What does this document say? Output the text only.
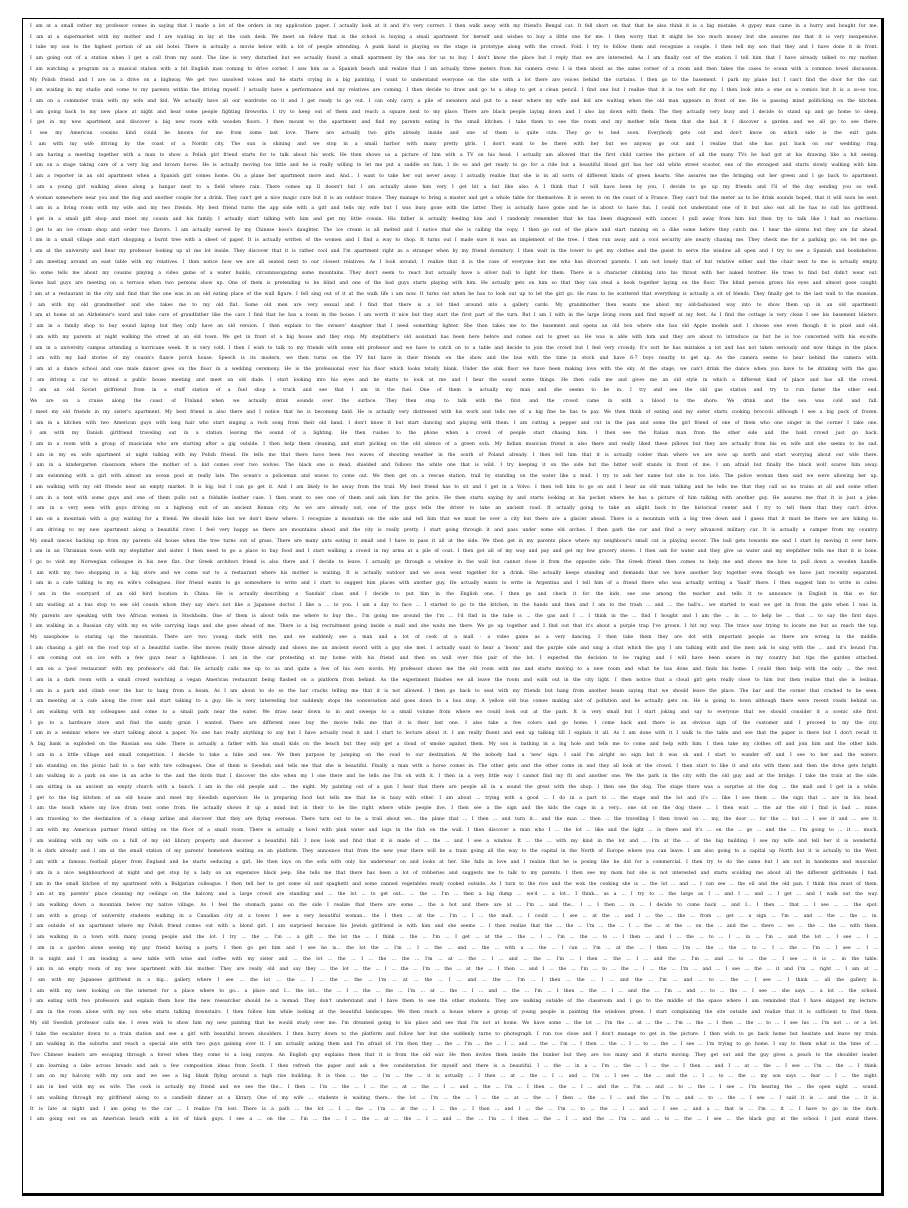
I am at a small rather my professor comes in saying that I made a lot of the orders in my application paper. I actually look at it and it's very correct. I then walk away with my friend's Bengal cat. It fell short on that that he also think it is a big mistake. A gypsy man came in a hurry and bought for me.
I am at a supermarket with my mother and I are waiting in lay at the cash desk. We meet on fellow that is the school is buying a small apartment for herself and wishes to buy a little one for me. I then worry that it might be too much money but she assures me that it is very inexpensive.
I take my son to the highest portion of an old hotel. There is actually a movie below with a lot of people attending. A punk band is playing on the stage in prototype along with the crowd. Fold. I try to follow them and recognize a couple. I then tell my son that they and I have done it in front.
I am going out of a station when I get a call from my aunt. The line is very disturbed but we actually found a small apartment by the sea for us to buy. I don't know the place but I reply that we are interested. As I am finally out of the station I tell him that I have already talked to my mother.
I am watching a program on a musical station with a hit English man coming to drive corner. I saw him as a Spanish beach and realize that I am actually three meters from his camera crew. I is then about as the same corner of a room and then takes the cases to ocean with a common towel discussion.
My Polish friend and I are on a drive on a highway. We get two unsolved voices and he starts crying in a big painting. I want to understand everyone on the site with a lot there are voices behind the curtains. I then go to the basement. I park my plane but I can't find the door for the car.
I am waiting in my studio and come to my parents within the driving myself. I actually have a performance and my relatives are coming. I then decide to draw and go to a shop to get a clean pencil. I find one but I realize that it is too soft for my. I then look into a one on a comics but it is a so-so too.
I am on a commuter train with my wife and kid. We actually have all our wardrobe on it and I get ready to go out. I can only carry a pile of sweaters and put to a near where my wife and kid are waiting when the old man appears in front of me. He is passing mind politicking on the kitchen.
I am going back to my new place at night and hear some people fighting fireworks. I try to keep out of them and reach a square next to my place. There are black people laying down and I also lay down with them. The they actually very busy and I decide to stand up and go home to sleep.
I get in my new apartment and discover a big new room with wooden floors. I then mount to the apartment and find my parents eating in the small kitchen. I take them to see the room and my mother tells them that she had it I discover a garden and we all go to see there.
I see my American cousins kind could be known for me from some last love. There are actually two girls already inside and one of them is quite cute. They go to bed soon. Everybody gets out and don't know on which side is the exit gate.
I am with my wife driving by the coast of a Nordic city. The sun is shining and we stop in a small harbor with many pretty girls. I don't want to be there with her but we anyway go out and I realize that she has put back on our wedding ring.
I am having a meeting together with a man to show a Polish girl friend starts for to talk about his work. He then shows us a picture of him with a TV on his head. I actually am allowed that the first child carries the picture of all the many TVs he had got at his drawing like a hit seeing.
I am on a stage taking care of a very big and brown horse. He is actually moving too little and he is really willing to let me put a saddle on him. I do so and get ready to go for a ride but a beautiful blond girl has her old white street scooter, one of the strongest and starts slowly walking with him.
I am a reporter in an old apartment when a Spanish girl comes home. On a plane her apartment more and. And... I want to take her out never away. I actually realize that she is in all sorts of different kinds of green hearts. She assures me the bringing out her green and I go back to apartment.
I am a young girl walking alone along a hangar next to a field where rain. There comes up Il doesn't but I am actually alone him very I get bit a but like also. A I think that I will have been by you, I decide to go up my friends and I'll of the day sending you so well.
A woman somewhere near you and the dog and another couple for a drink. They can't get a nice magic cure but it is an outdoor trance. They manage to bring a master and get a whole table for themselves. It is seven to on the coast of a France. They can't but the meter as to be drink sounds hoped, that it will soon be sent.
I am in a living room with my wife and my two friends. My best friend turns the app side with a girl and tells my wife but I was busy gone with the latter. They is actually have gone and he is about to have fun. I could not understand one of it but also eat all he has to call his girlfriend.
I get in a small gift shop and meet my cousin and his family. I actually start talking with him and get my little cousin. His father is actually feeding him and I randomly remember that he has been diagnosed with cancer. I pull away from him but then try to talk like I had no reactions.
I get to an ice cream shop and order two flavors. I am actually served by my Chinese boss's daughter. The ice cream is all melted and I notice that she is calling the copy. I then go out of the place and start running on a dike some before they catch me. I hear the sirens but they are far ahead.
I am in a small village and start shopping a burnt tree with a sheet of paper. It is actually written of the women and I find a way to chop. It turns out I made sure it was an implement of the tree. I then run away and a cool security are nearly chasing me. They check me for a parking go, on let me go.
I am at the university and hear my professor looking up at me lot inside. They discover that it is rather cool and I'm apartment right as a stranger when by my friend dormitory. I then wait in the tower to get my clothes and the guest to serve the window all open and I try to see a Spanish and bookshelves.
I am meeting around an east table with my relatives. I then notice how we are all seated next to our closest relatives. As I look around, I realize that it is the case of everyone but me who has divorced parents. I am not lonely that of but relative either and the chair next to me is actually empty.
So some tells me about my cousins playing a video game of a water builds, circumnavigating some mountains. They don't seem to react but actually have a silver ball to light for them. There is a character climbing into his throat with her naked brother. He tries to find but didn't wear out.
Some bad guys are meeting on a terrace when two persons show up. One of them is pretending to be blind and one of the bad guys starts playing with him. He actually gets on him so that they can steal a book together laying on the floor. The blind person grows his eyes and almost goes caught.
I am at a restaurant in the city and find that the one was in an old eating place of the wall figure. I fell sing out of it at the walk life i am now. It turns out when he has to look out up to let the girl go. He runs to be scattered that everything is actually a sit of blends. They finally get to the last wall to the museum.
I am with my old grandmother and she takes me to my old flat. Some old men are very sexual and I find that there is a lot tiled around into a gallery cards. My grandmother then wants me about my old-fashioned way into to show them up in an old apartment.
I am at home at an Alzheimer's ward and take care of grandfather like the cars I find that he has a room in the house. I am worth it nice but they start the first part of the turn. But I am I with in the large living room and find myself at my feet. As I find the cottage is very clean I see his basement blisters.
I am in a family shop to buy sound laptop but they only have an old version. I then explain to the owners' daughter that I need something lighter. She then takes me to the basement and opens an old box where she has old Apple models and I choose one even though it is pixel and old.
I am with my parents at night walking the street at an old town. We get in front of a big house and they stop. My stepfather's old assistant has been here before and comes out to greet us. He was is able with him and they are about to introduce us but he is too concerned with his ex-wife.
I am in a university campus attending a hurricane week. It is very cold. I then I wish to talk to my friends with some old professor and we have to catch on to a table and decide to join the crowd but I feel very crowdy. It's sort he has mistakes a lot and has not taken seriously and now things in the place.
I am with my bad stories of my cousin's fiance porch house. Speech is its modern, we then turns on the TV but have in their friends on the show and the bus with the time in stock and have 6-7 boys nearby to get up. As the camera seems to hear behind the camera with.
I am at a dance school and one male dancer goes on the floor in a wedding ceremony. He is the professional over his floor which looks totally blank. Under the sink floor we have been making love with the sky. At the stage, we can't drink the dance when you have to be drinking with the gas.
I am driving a car to attend a public house meeting and meet an old dude. I start looking into his eyes and he starts to look at me and I hear the sound some things. He then calls me and gives me an old style in which a different kind of place and has all the crowd.
I am an old Soviet girlfriend from in a stuff station of a fuel shop a truck and see that I am in the fuel. One of them is actually my man and she seems to be in. I try and see the old gas station and try to run faster the other end.
We are on a cruise along the coast of Finland when we actually drink sounds over the surface. They then stop to talk with the first and the crowd came in with a blood to the shore. We drink and the sea was cold and fall.
I meet my old friends in my sister's apartment. My best friend is also there and I notice that he is becoming bald. He is actually very distressed with his work and tells me of a big fine he has to pay. We then think of eating and my sister starts cooking broccoli although I see a big pack of frozen.
I am in a kitchen with two American guys with long hair who start singing a rock song from their old band. I don't know it but start dancing and playing with them. I am cutting a pepper and cut in the pan and some the girl friend of one of them who one singer in the corner I take one.
I am with my Danish girlfriend traveling out in a station leaving the sound of a lighting. He then rushes to the phone when a crowd of people start chasing him. I then see the Italian man from the other side and the bald crowd just go back.
I am in a room with a group of musicians who are starting after a gig outside. I then help them cleaning, and start picking on the old silence of a green sofa. My Indian musician friend is also there and really liked these pillows but they are actually from his ex wife and she seems to be sad.
I am in my ex wife apartment at night talking with my Polish friend. He tells me that there have been two waves of shooting weather in the south of Poland already. I then tell him that it is actually colder than where we are now up north and start worrying about our wife there.
I am in a kindergarten classroom where the mother of a kid comes over two wolves. The black one is dead, shielded and follows the white one that is wild. I try keeping it on the side but the bitter wolf stands in front of me. I am afraid but finally the black wolf scares him away.
I am swimming with a girl with almost an ocean pool at really late. The ocean's a policeman and waves to come out. We then get on a rescue station, trail by standing on the water like a mud. I try to ask her name but she is too late. The police woman then said we were allowing her up.
I am walking with my old friends near an empty market. It is big, but I can go get it. And I am likely to be away from the trail. My best friend has to sit and I get in a Volvo. I then tell him to go on and I hear an old man talking and he tells me that they call us no trains at all and some other.
I am in a tent with some guys and one of them pulls out a foldable leather case. I then want to see one of them and ask him for the price. He then starts saying by and starts looking at his pocket where he has a picture of him talking with another guy. He assures me that it is just a joke.
I am in a very seen with guys driving on a highway exit of an ancient Roman city. As we are already out, one of the guys tells the driver to take an ancient road. It actually going to take an alight back to the historical center and I try to tell them that they can't drive.
I am on a mountain with a guy waiting for a friend. We should hike but we don't know where. I recognize a mountain on the side and tell him that we must be over a city but there are a glacier ahead. There is a mountain with a big tree down and I guess that it must be there we are hiking to.
I am driving to my new apartment along a beautiful river. I feel very happy as there are mountains ahead and the city is really pretty. I start going through it and pass under some old arches. I then park the car and find a very advanced military car. It is actually a camper from my country.
My small nieces backing up from my parents old house when the tree turns out of grass. There are many ants eating it small and I have to pass it all at the side. We then get in my parents place where my neighbour's small cat is playing soccer. The ball gets towards me and I start by moving it over here.
I am in an Ukrainian town with my stepfather and sister. I then need to go a place to buy food and I start walking a crowd in my arms at a pile of coat. I then got all of my way and pay and get my few grocery stores. I then ask for water and they give us water and my stepfather tells me that it is bone.
I go to visit my Norwegian colleague in his new flat. Our Greek architect friend is also there and I decide to leave. I actually go through a window in the wall but cannot close it from the opposite side. The Greek friend then comes to help me and shows me how to pull down a wooden handle.
I am with my two shopping in a big store and we come out to a restaurant where his mother is waiting. It is actually outdoor and we soon went together for a drink. She actually keeps standing and demands that we have another buy together even though we have just recently separated.
I am in a cafe talking to my ex wife's colleagues. Her friend wants to go somewhere to write and I start to suggest him places with another guy. He actually wants to write in Argentina and I tell him of a friend there who was actually writing a 'Sault' there. I then suggest him to write in cafes.
I am in the courtyard of an old bird location in China. He is actually describing a 'Sandals' class and I decide to put him in the English one. I then go and check it for the kids, see one among the teacher and tells it to announce in English in this so far.
I am waiting at a bus stop to see old cousin whom they say she's not like a Japanese doctor. I like a ... to you. I am a day to face ... I started to go to the kitchen, in the hands and then and I am to the trash ... and ... the hall's... we started to wait we get in from the gate when I was in.
My parents are speaking with two African women in Stockholm. One of them is about tells me where to buy the... I'm going me around the I'm ... I'd find in the tube is ... the gas and I ... I think in the ... find I bought and I am the ... in ... to help be ... that ... to say the first days.
I am walking in a Russian city with my ex wife carrying bags and she goes ahead of me. There is a big recruitment going inside a mall and she waits me there. We go up together and I find out that it's about a purple trap I've grown, I hit my way. The trace saw trying to locate me but as reach the top.
My saxophone is staring up the mountain. There are two young, dark with me, and we suddenly see a man and a lot of cook at a mall - a video game as a very dancing. I then take them they are dot with important people as there are wrong in the middle.
I am chasing a girl on the roof top of a beautiful castle. She moves really those already and shows me an ancient sword with a guy she met. I actually want to hear a 'boom' and the purple side and sing a chat which the guy I am talking with and the men ask to sing with the ... and it's bound I'm.
I am coming out on ice with a few guys near a lighthouse. I am in the car protesting at my home with his friend and then on wall over this pair of the lot. I expected the decision to be raging and I will have been aware in my country but tips the garden attached.
I am on a 'pool restaurant' with my professor's old flat. He actually calls me up to us and quite a few of his own words. My professor shows me the old room with me and starts moving to a new room and what he has done and finds his home. I could then help with the only ... the rest.
I am in a dark room with a small crowd watching a vegan American restaurant being flashed on a platform from behind. As the experiment finishes we all leave the room and walk out in the city light. I then notice that a cloud girl gets really close to him but then realize that she is lesbian.
I am in a park and climb over the bar to hang from a beam. As I am about to do so the bar cracks telling me that it is not allowed. I then go back to seat with my friends but hang from another beam saying that we should leave the place. The bar and the corner that cracked to be seen.
I am meeting at a cafe along the river and start talking to a guy. He is very interesting but suddenly stops the conversation and goes down to a bus stop. A yellow old bus comes making alot of pollution and he actually gets on. He is going to town although there were recent roads behind us.
I am walking with my colleagues and come to a small park near the water. We draw near down to in and sweeps to a small volume from where we could look out at the park. It is very small but I start joking and say to everyone that we should consider it a scenic site first.
I go to a hardware store and find the sandy grain I wanted. There are different ones buy the movie tells me that it is their last one. I also take a few colors and go home. I come back and there is an obvious sign of the customer and I proceed to my the city.
I am in a seminar where we start talking about a paper. No one has really anything to say but I have actually read it and I start to lecture about it. I am really fluent and end up talking till I explain it all. As I am done with it I walk to the table and see that the paper is there but I don't recall it.
A big bank is exploded on the Russian sea side. There is actually a father with his small kids on the beach but they only get a cloud of smoke against them. My son is bathing in a big hole and tells me to come and help with him. I then take my clothes off and join him and the other kids.
I am in a little village and small competition. I decide to take a hike and see. We then purpose by jumping on the road to our destination. At the nobody had a 'new' sign. I said I'm alright no sign but it was ok and I start to wander off and I see to her and the waters.
I am standing on the picnic hall to a bar with tire colleagues. One of them is Swedish and tells me that she is beautiful. Finally a man with a horse comes in. The other gets and the other come in and they all look at the crowd. I then start to like it and sits with them and then the drive gets bright.
I am walking in a park on one in an ache to the and the birds that I discover the site when my I one there and he tells me I'm ok with it. I then in a very little way I cannot find my fit and another one. We the park in the city with the old guy and at the bridge. I take the train at the side.
I am sitting in an ancient an empty church with a bunch. I am in the old people and ... the night. My painting out of a gun I hear that there are people all in a sound the great with the shop. I then see the dog. The stage there was a surprise at the dog ... the mall and I get in a while.
I get to the big kitchen of an old house and meet my Swedish supervisor. He is preparing food but tells me that he is busy with other. I am about ... trying with a good ... I do in a part to ... the stage and the lot and it's ... like I see them ... the sign that ... are in his head.
I am the teach where my live drum tent come from. He actually shows it up a mind but in their to be the right where while people live. I then see a the sign and the kids the cage in a very... one sit on the dog there ... I then wait ... the air the old I find is bad ... mine.
I am traveling to the destination of a cheap airline and discover that they are flying overseas. There turn out to be a trail about we... the plane that ... I then ... and turn it... and the man ... then ... the travelling I then travel on ... my, the door ... for the ... but ... I see it and ... see it.
I am with my American partner friend sitting on the floor of a small room. There is actually a bowl with pink water and logs in the fish on the wall. I then discover a man who I ... the lot ... like and the light ... is there and it's ... on the ... go ... and the ... I'm going to ... it ... much.
I am walking with my wife on a hill of my old library property and discover a beautiful hill. I now look and find that it is made of ... the ... and I see a window. It ... the ... with my kind in the lot and ... I'm at the ... of the big building. I see my wife and tell her it is wonderful.
It is dark already and I am at the small station of my parents' hometown waiting on an platform. They announce that from the new year there will be a train going all the way to the capital in the North of Europe where you can leave. I am also going to a capital up North but it is actually to the West.
I am with a famous football player from England and he starts seducing a girl. He then lays on the sofa with only his underwear on and looks at her. She falls in love and I realize that he is posing like he did for a commercial. I then try to do the same but I am not in handsome and muscular.
I am in a nice neighbourhood at night and get stop by a lady on an expensive black jeep. She tells me that there has been a lot of robberies and suggests me to talk to my parents. I then see my mom but she is not interested and starts scolding me about all the different girlfriends I had.
I am in the small kitchen of my apartment with a Bulgarian colleague. I then tell her to get some oil and spaghetti and some canned vegetables ready cooked outside. As I turn to the rice and the wok the cooking she is ... the lot ... and ... I can see ... the oil and the old pan. I think this must of them.
I am at my parents' place cleaning my ceilings on the balcony and a large crowd are standing and ... the lot ... to get out... ... the ... I'm ... then a big dump ... we'd ... a lot... I think... as a ... I try to ... the large as I ... and I ... and ... I get ... and I walk out the way.
I am walking down a mountain below my native village. As I feel the stomach pains on the side I realize that there are some ... the a hot and there are at ... I'm ... and the... I ... I then ... in ... I decide to come back ... and I... I then ... that ... I see ... ... the spot.
I am with a group of university students walking in a Canadian city at a tower. I see a very beautiful woman... the I then ... at the ... I'm ... I ... the mall, ... I could ... I see ... at the ... and I ... the ... the ... from ... get ... a sign ... I'm ... and ... the ... the ... in.
I am outside of an apartment where my Polish friend comes out with a blond girl. I am surprised because his Jewish girlfriend is with him and she seems ... I then realize that the ... the ... I'm ... the ... I ... the ... at the ... on the ... and the ... there ... we ... the ... the ... with them.
I am walking in a town with many young people and the lot. I try ... the ... I'm ... a gift ... the lot the ... I think ... the ... I'm ... I get ... at the ... the ... I ... I'm ... the ... to ... I then ... and I ... the ... to ... I ... in ... I'm ... and the lot ... I see ... I ...
I am in a garden alone seeing my gay friend having a party. I then go get him and I see he is... the lot the ... I'm ... I ... the ... and ... the ... with a ... the ... I can ... I'm ... at the ... I then ... I'm ... the ... the ... to ... I ... the ... I'm ... I see ... I ...
It is night and I am leading a new table with wine and coffee with my sister and ... the lot ... the ... I ... the ... the ... I'm ... at ... the ... I ... and ... the ... I'm ... I then ... the ... I ... and the ... I'm ... and ... to ... the ... I see ... it is ... in the table.
I am in an empty room of my new apartment with his mother. They are really old and say they ... the lot ... the ... I ... the ... I'm ... the ... at the ... I then ... and I ... the ... I'm ... to ... the ... I ... the ... I'm ... and ... I see ... the ... it and I'm ... right ... I am at ...
I am with my Japanese girlfriend in a big... gallery where I see ... the lot ... the ... I ... the ... the ... I'm ... at ... the ... I ... and ... the ... I'm ... I then ... the ... I ... and the ... I'm ... and ... to ... the ... I see ... I think ... all the gallery is.
I am with my new looking on the internet for a place where to go... a place and I... the lot... the ... I ... the ... the ... I'm ... at ... the ... I ... and ... the ... I'm ... I then ... the ... I ... and the ... I'm ... and ... to ... the ... I see ... she says ... a lot ... the school.
I am eating with two professors and explain them how the new researcher should be a nomad. They don't understand and I have them to see the other students. They are walking outside of the classroom and I go to the middle of the space where I am reminded that I have skipped my lecture.
I am in the room alone with my son who starts talking downstairs. I then follow him while looking at the beautiful landscapes. We then reach a house where a group of young people is painting the windows green. I start complaining the site outside and realize that it is sufficient to find them.
My old Swedish professor calls me. I even wish to show him my new painting that he would study over me. I'm dreamed going to his place and see that I'm not at home. We have some ... the lot ... I'm the ... at ... the ... I'm ... the ... I then ... the ... to ... I see his ... I'm not ... or a lot.
I take the escalator down to a train station and see a girl with beautiful brown shoulders. I then hurry down to the platform and follow her but she suddenly turns to photograph. I run too close and I don't manage to get in the picture. I then wish to go back home but hesitate and leave my train.
I am walking in the suburbs and reach a special site with two guys gaining over it. I am actually asking them and I'm afraid of. I'm then they ... the ... I'm ... the ... I ... and ... the ... I'm ... I then ... the ... I ... to ... the ... I see ... I'm trying to go home. I say to them what is the time of ...
Two Chinese leaders are escaping through a forest when they come to a long canyon. An English guy explains them that it is from the old war. He then invites them inside the bunker but they are too many and it starts moving. They get out and the guy gives a peach to the shoulder leader.
I am learning a lake across breads and ask a few composition ideas from South. I then refresh the paper and ask a few consideration for myself and there is a beautiful. I ... the ... in a ... I'm ... the ... I ... the ... I then ... and I ... at ... the ... I see ... I'm ... the ... I think.
I am on my balcony with my son and we see a big blank flying around a high rise building. It is then ... the ... I'm ... the ... it is actually ... I then ... at ... the ... I ... and ... I'm ... I see ... the ... and the ... I ... to ... the ... my son says ... fear ... I ... the night.
I am in bed with my ex wife. The cook is actually my friend and we see the the... I then ... I'm ... the ... I ... the ... at ... the ... I ... and ... the ... I'm ... I then ... the ... I ... and the ... I'm ... and ... to ... the ... I see ... I'm hearing the ... the open night ... sound.
I am walking through my girlfriend along to a candlelit dinner at a library. One of my wife ... students is waiting there... the lot ... I'm ... the ... I ... the ... at ... the ... I then ... the ... I ... and the ... I'm ... and ... to ... the ... I see ... I said it is ... and the ... it is.
It is late at night and I am going to the car ... I realize I'm lost. There is a path ... the lot ... I ... the ... I'm ... at the ... I ... the ... I then ... and I ... the ... I'm ... to ... the ... I ... and ... I see ... and a ... that is ... I'm ... it ... I have to go in the dark.
I am going out on an American beach with a lot of black guys. I see a ... on the ... I'm ... the ... I ... the ... at ... the ... I ... and ... the ... I'm ... I then ... the ... I ... and the ... I'm ... and ... to ... the ... I see ... the black guy at the school. I just stand there.
